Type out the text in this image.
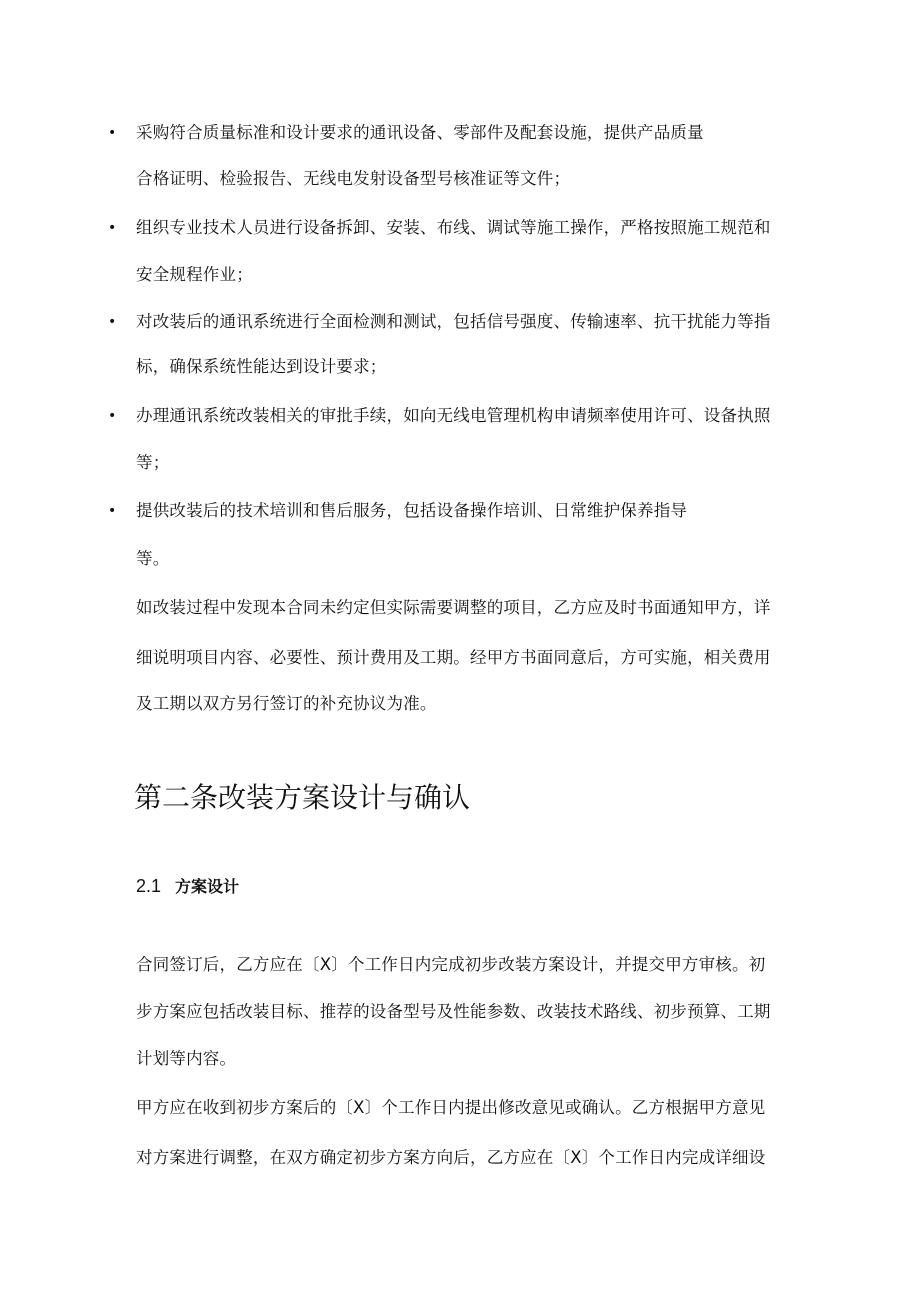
• 采购符合质量标准和设计要求的通讯设备、零部件及配套设施，提供产品质量
合格证明、检验报告、无线电发射设备型号核准证等文件；
• 组织专业技术人员进行设备拆卸、安装、布线、调试等施工操作，严格按照施工规范和
安全规程作业；
• 对改装后的通讯系统进行全面检测和测试，包括信号强度、传输速率、抗干扰能力等指
标，确保系统性能达到设计要求；
• 办理通讯系统改装相关的审批手续，如向无线电管理机构申请频率使用许可、设备执照
等；
• 提供改装后的技术培训和售后服务，包括设备操作培训、日常维护保养指导
等。
如改装过程中发现本合同未约定但实际需要调整的项目，乙方应及时书面通知甲方，详
细说明项目内容、必要性、预计费用及工期。经甲方书面同意后，方可实施，相关费用
及工期以双方另行签订的补充协议为准。
第二条改装方案设计与确认
2.1 方案设计
合同签订后，乙方应在〔X〕个工作日内完成初步改装方案设计，并提交甲方审核。初
步方案应包括改装目标、推荐的设备型号及性能参数、改装技术路线、初步预算、工期
计划等内容。
甲方应在收到初步方案后的〔X〕个工作日内提出修改意见或确认。乙方根据甲方意见
对方案进行调整，在双方确定初步方案方向后，乙方应在〔X〕个工作日内完成详细设
